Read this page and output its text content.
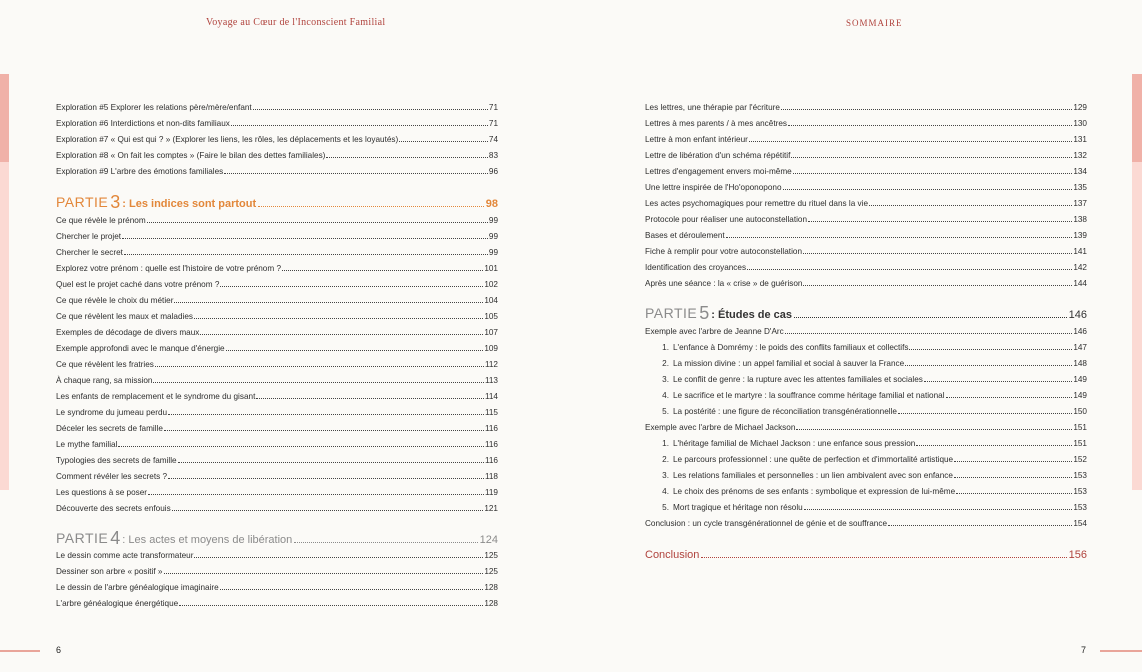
Voyage au Cœur de l'Inconscient Familial	SOMMAIRE
Exploration #5 Explorer les relations père/mère/enfant	71
Exploration #6 Interdictions et non-dits familiaux	71
Exploration #7 « Qui est qui ? » (Explorer les liens, les rôles, les déplacements et les loyautés)	74
Exploration #8 « On fait les comptes » (Faire le bilan des dettes familiales)	83
Exploration #9 L'arbre des émotions familiales	96
PARTIE 3 : Les indices sont partout	98
Ce que révèle le prénom	99
Chercher le projet	99
Chercher le secret	99
Explorez votre prénom : quelle est l'histoire de votre prénom ?	101
Quel est le projet caché dans votre prénom ?	102
Ce que révèle le choix du métier	104
Ce que révèlent les maux et maladies	105
Exemples de décodage de divers maux	107
Exemple approfondi avec le manque d'énergie	109
Ce que révèlent les fratries	112
À chaque rang, sa mission	113
Les enfants de remplacement et le syndrome du gisant	114
Le syndrome du jumeau perdu	115
Déceler les secrets de famille	116
Le mythe familial	116
Typologies des secrets de famille	116
Comment révéler les secrets ?	118
Les questions à se poser	119
Découverte des secrets enfouis	121
PARTIE 4 : Les actes et moyens de libération	124
Le dessin comme acte transformateur	125
Dessiner son arbre « positif »	125
Le dessin de l'arbre généalogique imaginaire	128
L'arbre généalogique énergétique	128
Les lettres, une thérapie par l'écriture	129
Lettres à mes parents / à mes ancêtres	130
Lettre à mon enfant intérieur	131
Lettre de libération d'un schéma répétitif	132
Lettres d'engagement envers moi-même	134
Une lettre inspirée de l'Ho'oponopono	135
Les actes psychomagiques pour remettre du rituel dans la vie	137
Protocole pour réaliser une autoconstellation	138
Bases et déroulement	139
Fiche à remplir pour votre autoconstellation	141
Identification des croyances	142
Après une séance : la « crise » de guérison	144
PARTIE 5 : Études de cas	146
Exemple avec l'arbre de Jeanne D'Arc	146
1. L'enfance à Domrémy : le poids des conflits familiaux et collectifs	147
2. La mission divine : un appel familial et social à sauver la France	148
3. Le conflit de genre : la rupture avec les attentes familiales et sociales	149
4. Le sacrifice et le martyre : la souffrance comme héritage familial et national	149
5. La postérité : une figure de réconciliation transgénérationnelle	150
Exemple avec l'arbre de Michael Jackson	151
1. L'héritage familial de Michael Jackson : une enfance sous pression	151
2. Le parcours professionnel : une quête de perfection et d'immortalité artistique	152
3. Les relations familiales et personnelles : un lien ambivalent avec son enfance	153
4. Le choix des prénoms de ses enfants : symbolique et expression de lui-même	153
5. Mort tragique et héritage non résolu	153
Conclusion : un cycle transgénérationnel de génie et de souffrance	154
Conclusion	156
6	7
